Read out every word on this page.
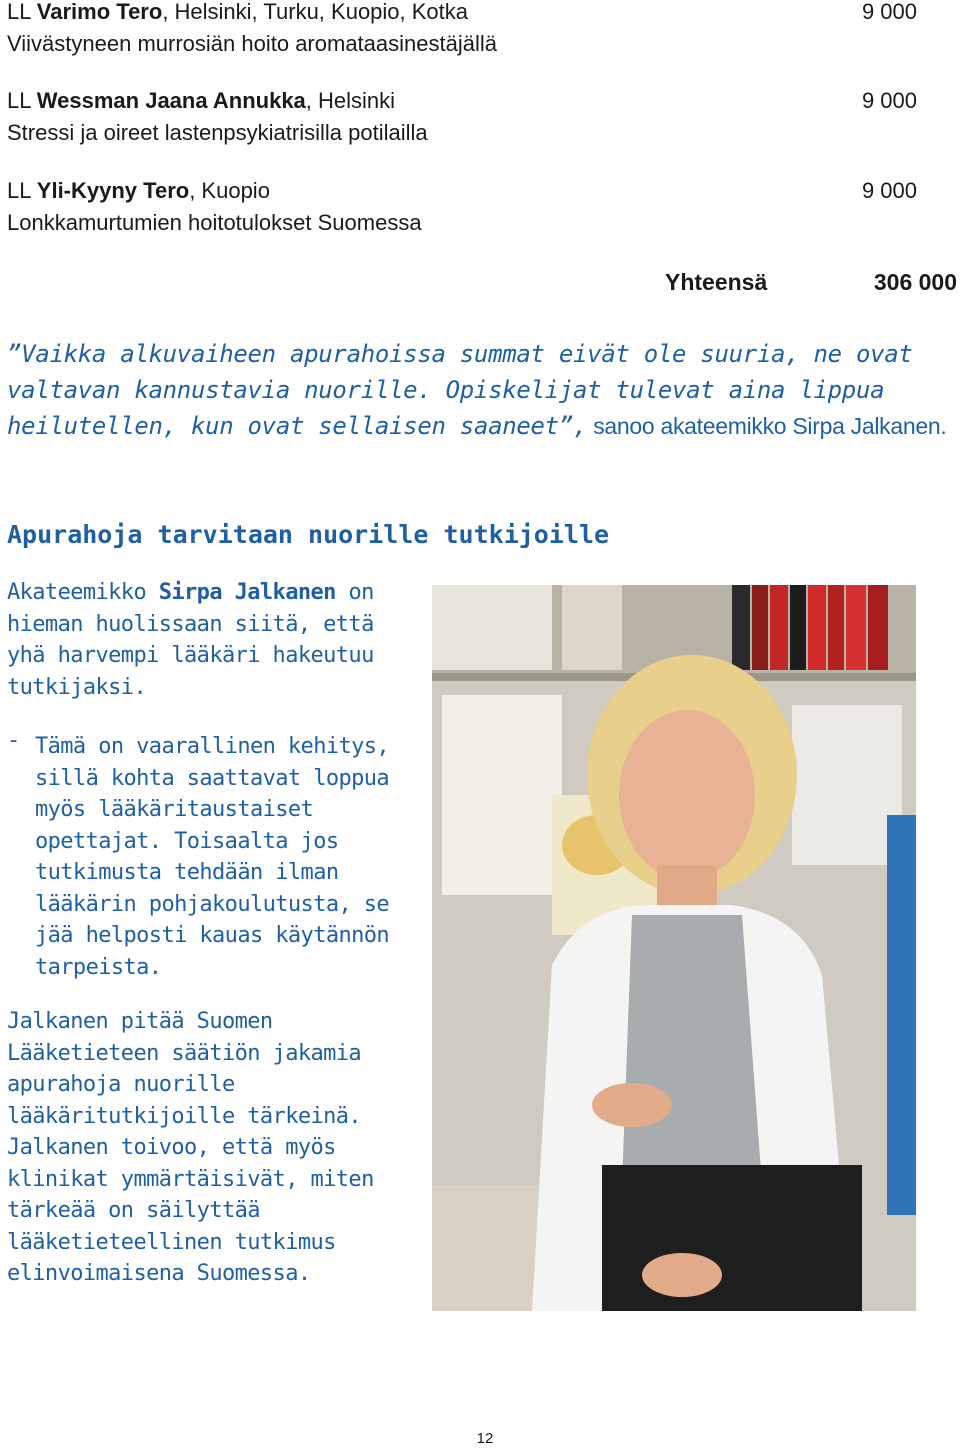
LL Varimo Tero, Helsinki, Turku, Kuopio, Kotka
Viivästyneen murrosiän hoito aromataasinestäjällä
9 000
LL Wessman Jaana Annukka, Helsinki
Stressi ja oireet lastenpsykiatrisilla potilailla
9 000
LL Yli-Kyyny Tero, Kuopio
Lonkkamurtumien hoitotulokset Suomessa
9 000
Yhteensä	306 000
”Vaikka alkuvaiheen apurahoissa summat eivät ole suuria, ne ovat valtavan kannustavia nuorille. Opiskelijat tulevat aina lippua heilutellen, kun ovat sellaisen saaneet”, sanoo akateemikko Sirpa Jalkanen.
Apurahoja tarvitaan nuorille tutkijoille
Akateemikko Sirpa Jalkanen on hieman huolissaan siitä, että yhä harvempi lääkäri hakeutuu tutkijaksi.
- Tämä on vaarallinen kehitys, sillä kohta saattavat loppua myös lääkäritaustaiset opettajat. Toisaalta jos tutkimusta tehdään ilman lääkärin pohjakoulutusta, se jää helposti kauas käytännön tarpeista.
Jalkanen pitää Suomen Lääketieteen säätiön jakamia apurahoja nuorille lääkäritutkijoille tärkeinä. Jalkanen toivoo, että myös klinikat ymmärtäisivät, miten tärkeää on säilyttää lääketieteellinen tutkimus elinvoimaisena Suomessa.
12
